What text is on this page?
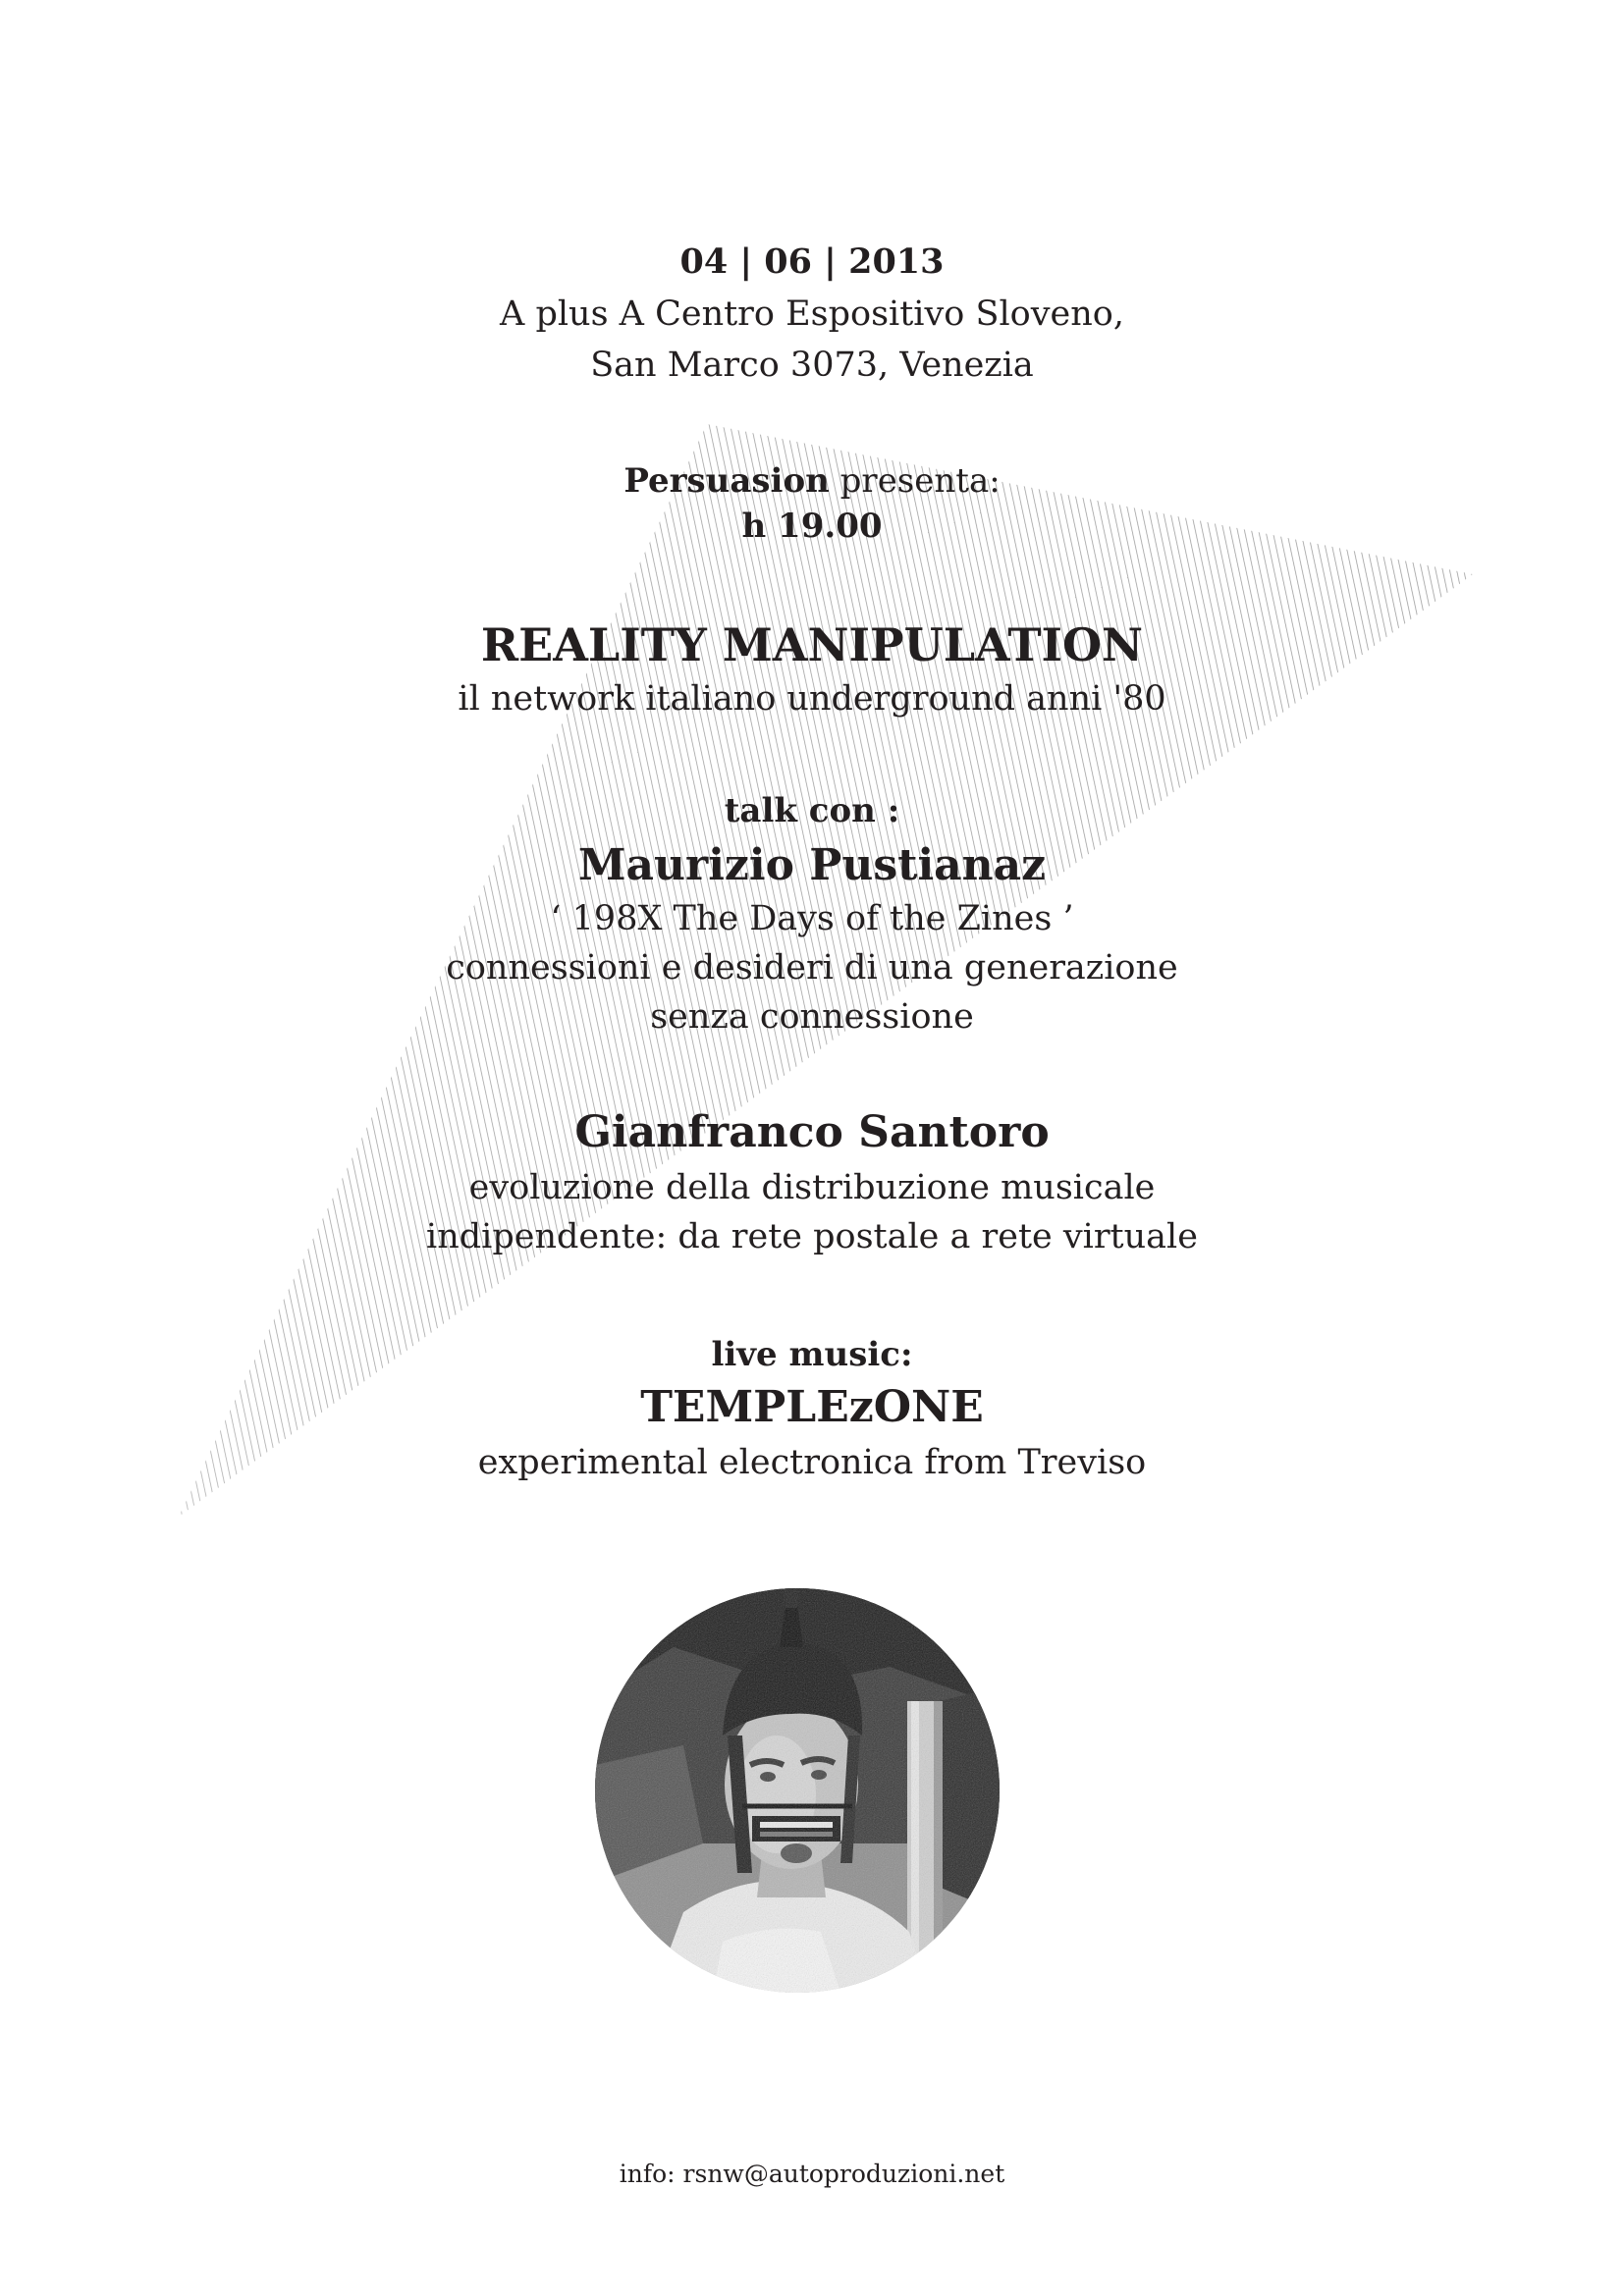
04 | 06 | 2013
A plus A Centro Espositivo Sloveno,
San Marco 3073, Venezia
Persuasion presenta:
h 19.00
REALITY MANIPULATION
il network italiano underground anni '80
talk con :
Maurizio Pustianaz
‘ 198X The Days of the Zines ’
connessioni e desideri di una generazione
senza connessione
Gianfranco Santoro
evoluzione della distribuzione musicale
indipendente: da rete postale a rete virtuale
live music:
TEMPLEzONE
experimental electronica from Treviso
info: rsnw@autoproduzioni.net
